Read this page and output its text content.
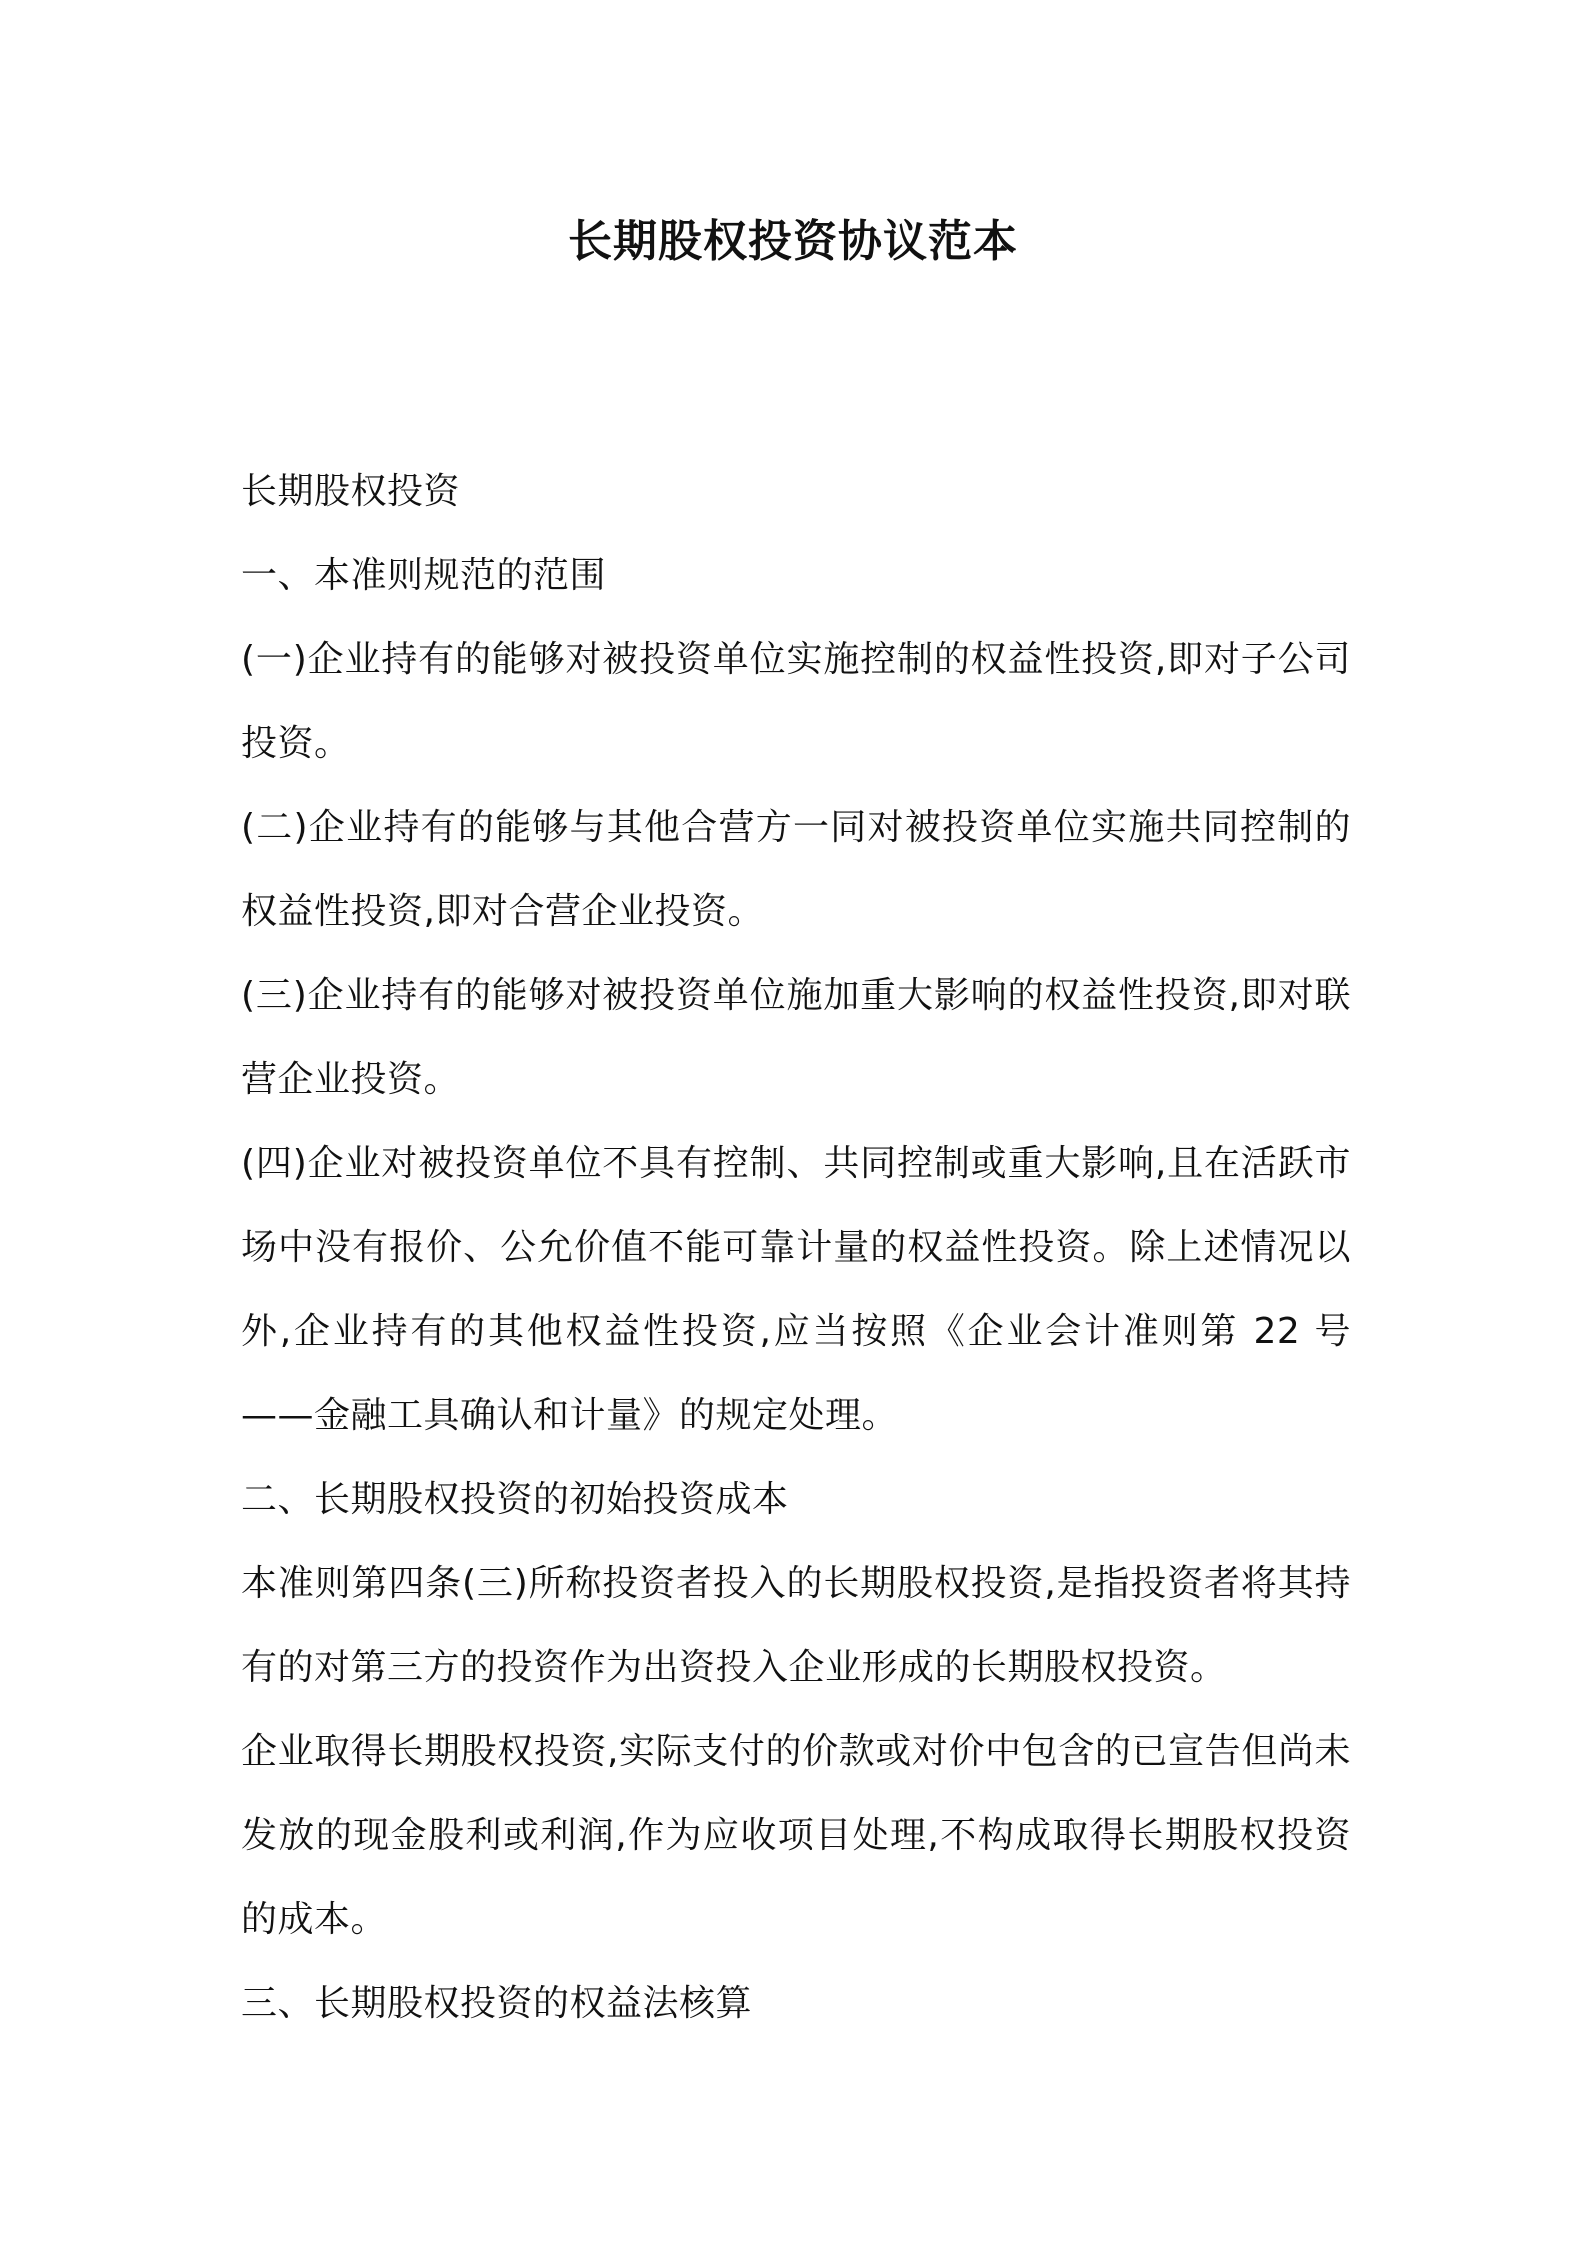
长期股权投资协议范本

长期股权投资

一、本准则规范的范围

(一)企业持有的能够对被投资单位实施控制的权益性投资,即对子公司投资。

(二)企业持有的能够与其他合营方一同对被投资单位实施共同控制的权益性投资,即对合营企业投资。

(三)企业持有的能够对被投资单位施加重大影响的权益性投资,即对联营企业投资。

(四)企业对被投资单位不具有控制、共同控制或重大影响,且在活跃市场中没有报价、公允价值不能可靠计量的权益性投资。除上述情况以外,企业持有的其他权益性投资,应当按照《企业会计准则第 22 号——金融工具确认和计量》的规定处理。

二、长期股权投资的初始投资成本

本准则第四条(三)所称投资者投入的长期股权投资,是指投资者将其持有的对第三方的投资作为出资投入企业形成的长期股权投资。

企业取得长期股权投资,实际支付的价款或对价中包含的已宣告但尚未发放的现金股利或利润,作为应收项目处理,不构成取得长期股权投资的成本。

三、长期股权投资的权益法核算
